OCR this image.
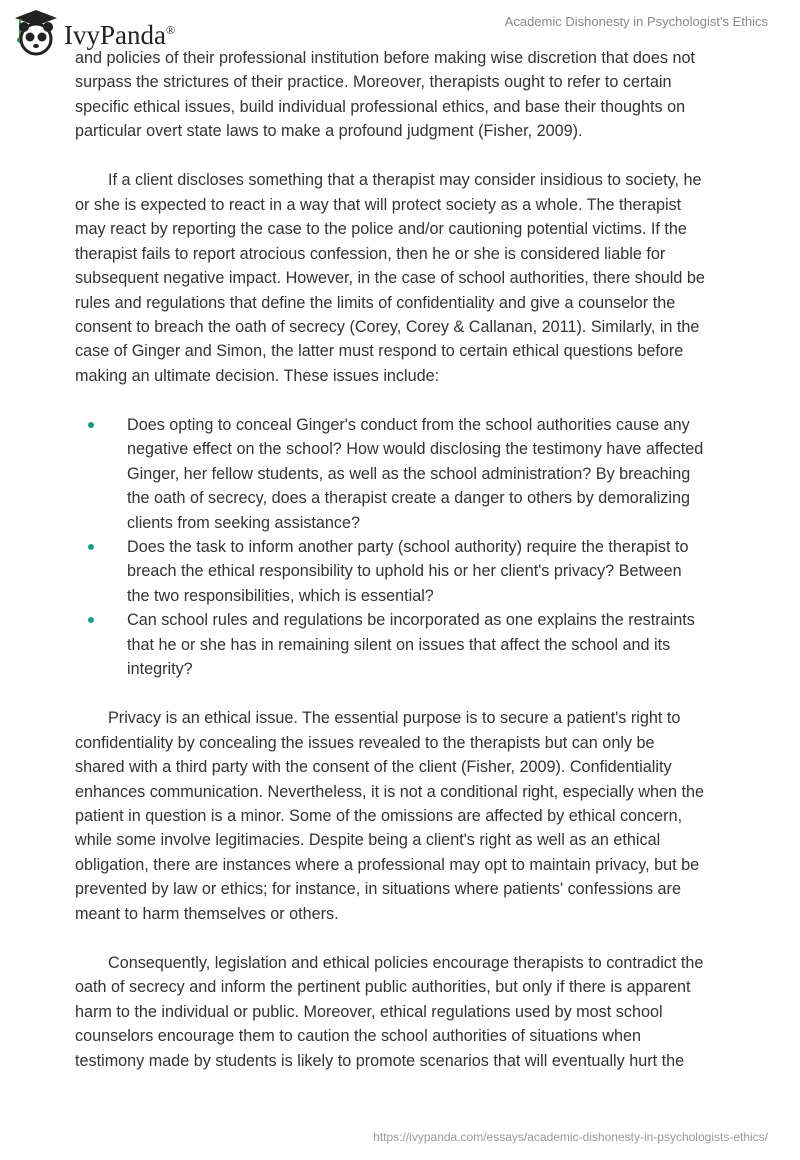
IvyPanda®
Academic Dishonesty in Psychologist's Ethics
and policies of their professional institution before making wise discretion that does not
surpass the strictures of their practice. Moreover, therapists ought to refer to certain
specific ethical issues, build individual professional ethics, and base their thoughts on
particular overt state laws to make a profound judgment (Fisher, 2009).
If a client discloses something that a therapist may consider insidious to society, he
or she is expected to react in a way that will protect society as a whole. The therapist
may react by reporting the case to the police and/or cautioning potential victims. If the
therapist fails to report atrocious confession, then he or she is considered liable for
subsequent negative impact. However, in the case of school authorities, there should be
rules and regulations that define the limits of confidentiality and give a counselor the
consent to breach the oath of secrecy (Corey, Corey & Callanan, 2011). Similarly, in the
case of Ginger and Simon, the latter must respond to certain ethical questions before
making an ultimate decision. These issues include:
Does opting to conceal Ginger's conduct from the school authorities cause any
negative effect on the school? How would disclosing the testimony have affected
Ginger, her fellow students, as well as the school administration? By breaching
the oath of secrecy, does a therapist create a danger to others by demoralizing
clients from seeking assistance?
Does the task to inform another party (school authority) require the therapist to
breach the ethical responsibility to uphold his or her client's privacy? Between
the two responsibilities, which is essential?
Can school rules and regulations be incorporated as one explains the restraints
that he or she has in remaining silent on issues that affect the school and its
integrity?
Privacy is an ethical issue. The essential purpose is to secure a patient's right to
confidentiality by concealing the issues revealed to the therapists but can only be
shared with a third party with the consent of the client (Fisher, 2009). Confidentiality
enhances communication. Nevertheless, it is not a conditional right, especially when the
patient in question is a minor. Some of the omissions are affected by ethical concern,
while some involve legitimacies. Despite being a client's right as well as an ethical
obligation, there are instances where a professional may opt to maintain privacy, but be
prevented by law or ethics; for instance, in situations where patients' confessions are
meant to harm themselves or others.
Consequently, legislation and ethical policies encourage therapists to contradict the
oath of secrecy and inform the pertinent public authorities, but only if there is apparent
harm to the individual or public. Moreover, ethical regulations used by most school
counselors encourage them to caution the school authorities of situations when
testimony made by students is likely to promote scenarios that will eventually hurt the
https://ivypanda.com/essays/academic-dishonesty-in-psychologists-ethics/
